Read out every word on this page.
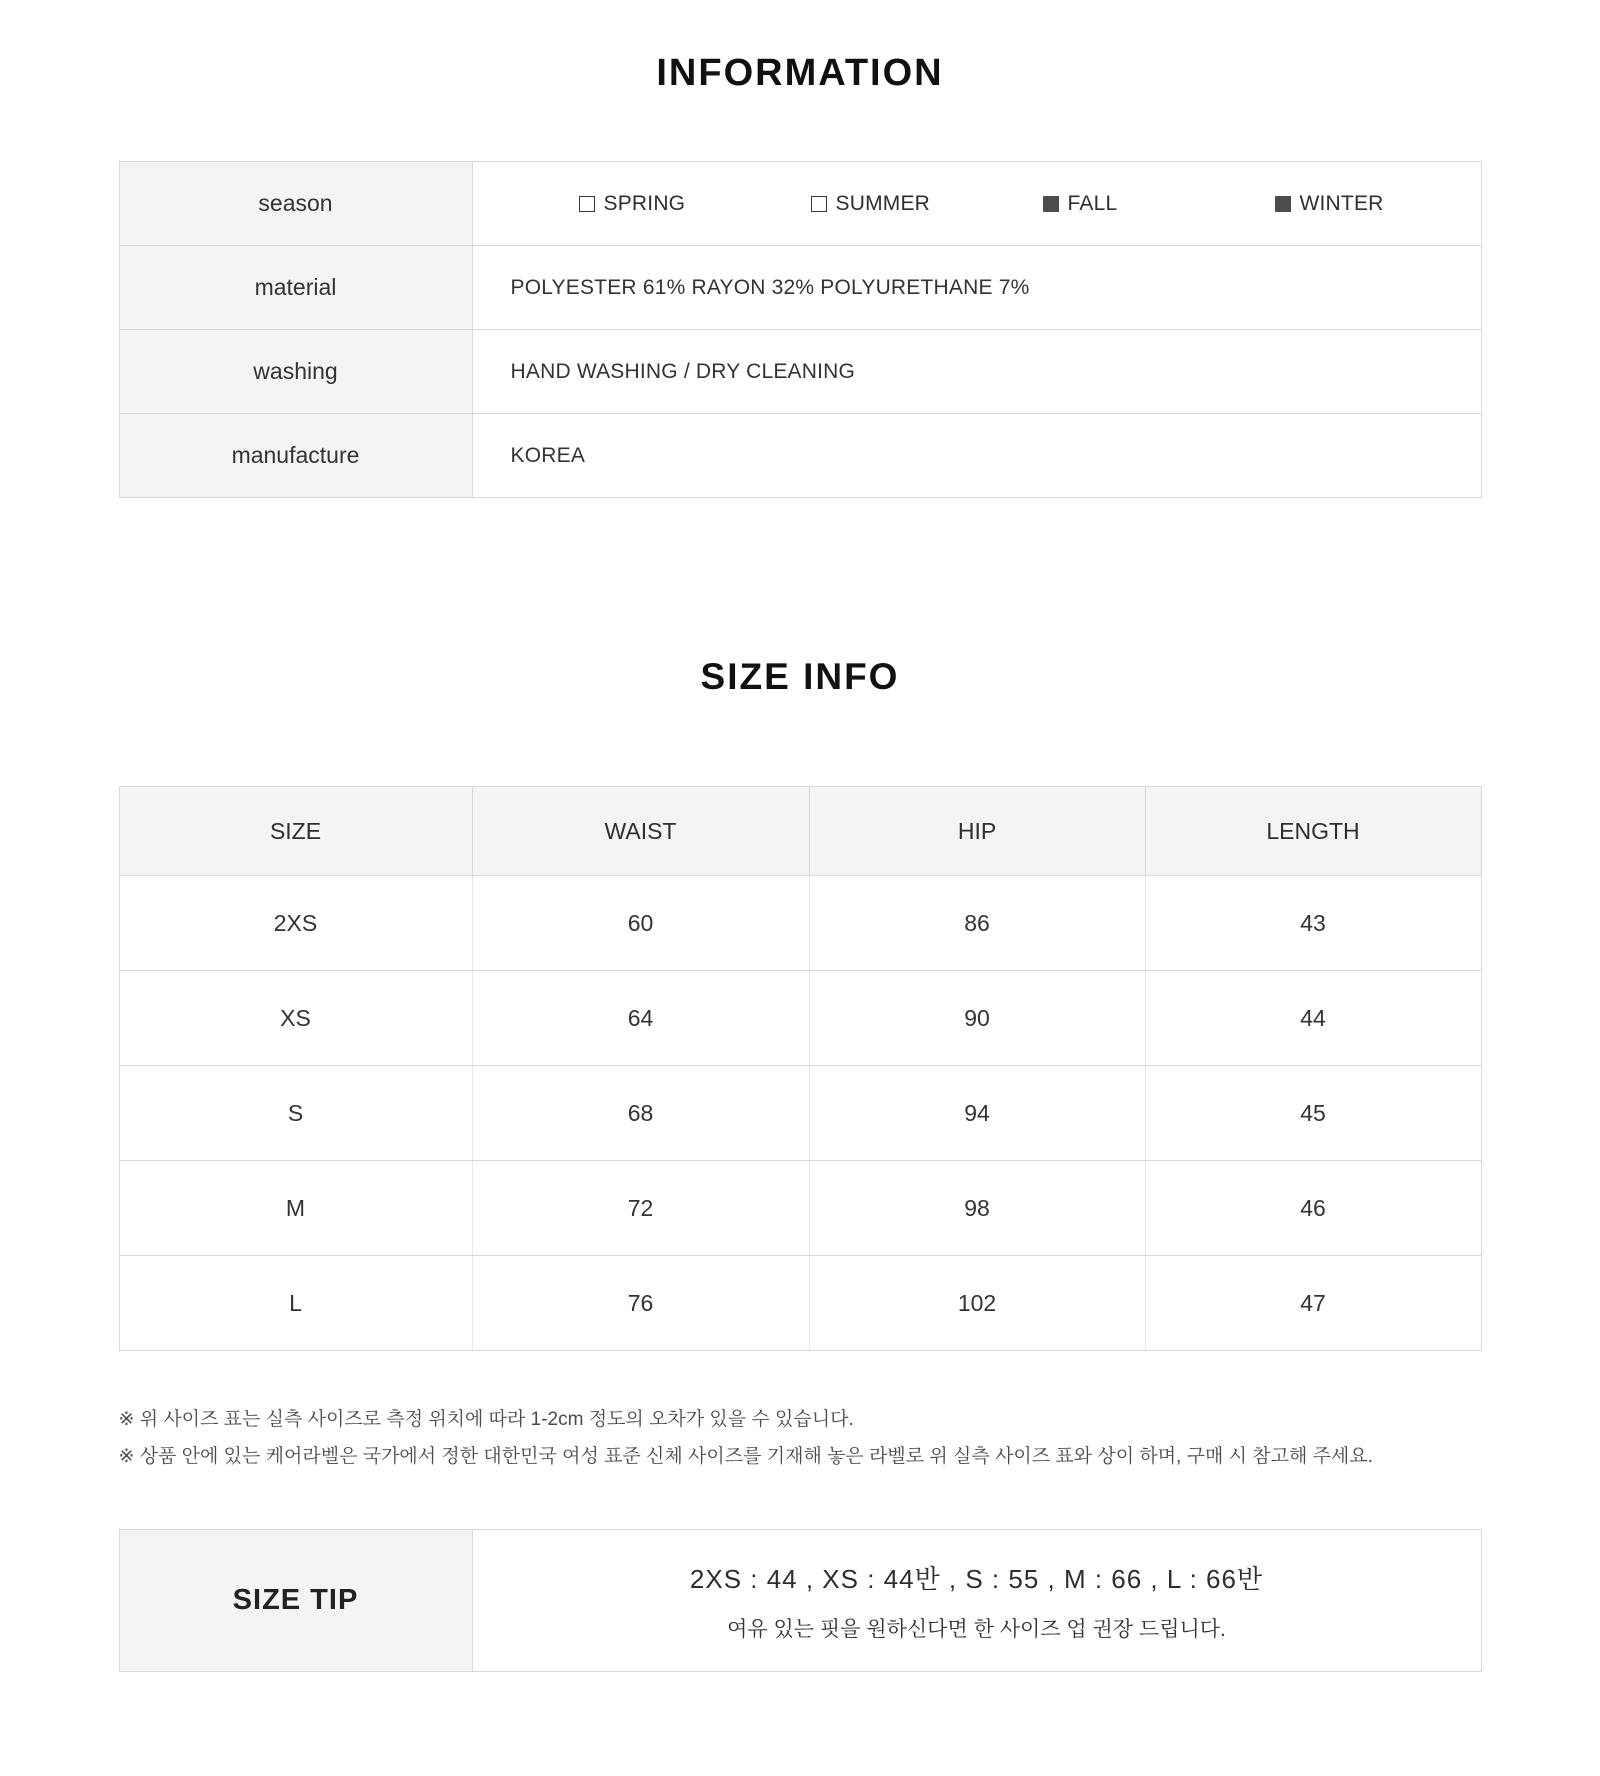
INFORMATION
season	SPRING	SUMMER	FALL	WINTER
material	POLYESTER 61% RAYON 32% POLYURETHANE 7%
washing	HAND WASHING / DRY CLEANING
manufacture	KOREA
SIZE INFO
SIZE	WAIST	HIP	LENGTH
2XS	60	86	43
XS	64	90	44
S	68	94	45
M	72	98	46
L	76	102	47
※ 위 사이즈 표는 실측 사이즈로 측정 위치에 따라 1-2cm 정도의 오차가 있을 수 있습니다.
※ 상품 안에 있는 케어라벨은 국가에서 정한 대한민국 여성 표준 신체 사이즈를 기재해 놓은 라벨로 위 실측 사이즈 표와 상이 하며, 구매 시 참고해 주세요.
SIZE TIP
2XS : 44 , XS : 44반 , S : 55 , M : 66 , L : 66반
여유 있는 핏을 원하신다면 한 사이즈 업 권장 드립니다.
